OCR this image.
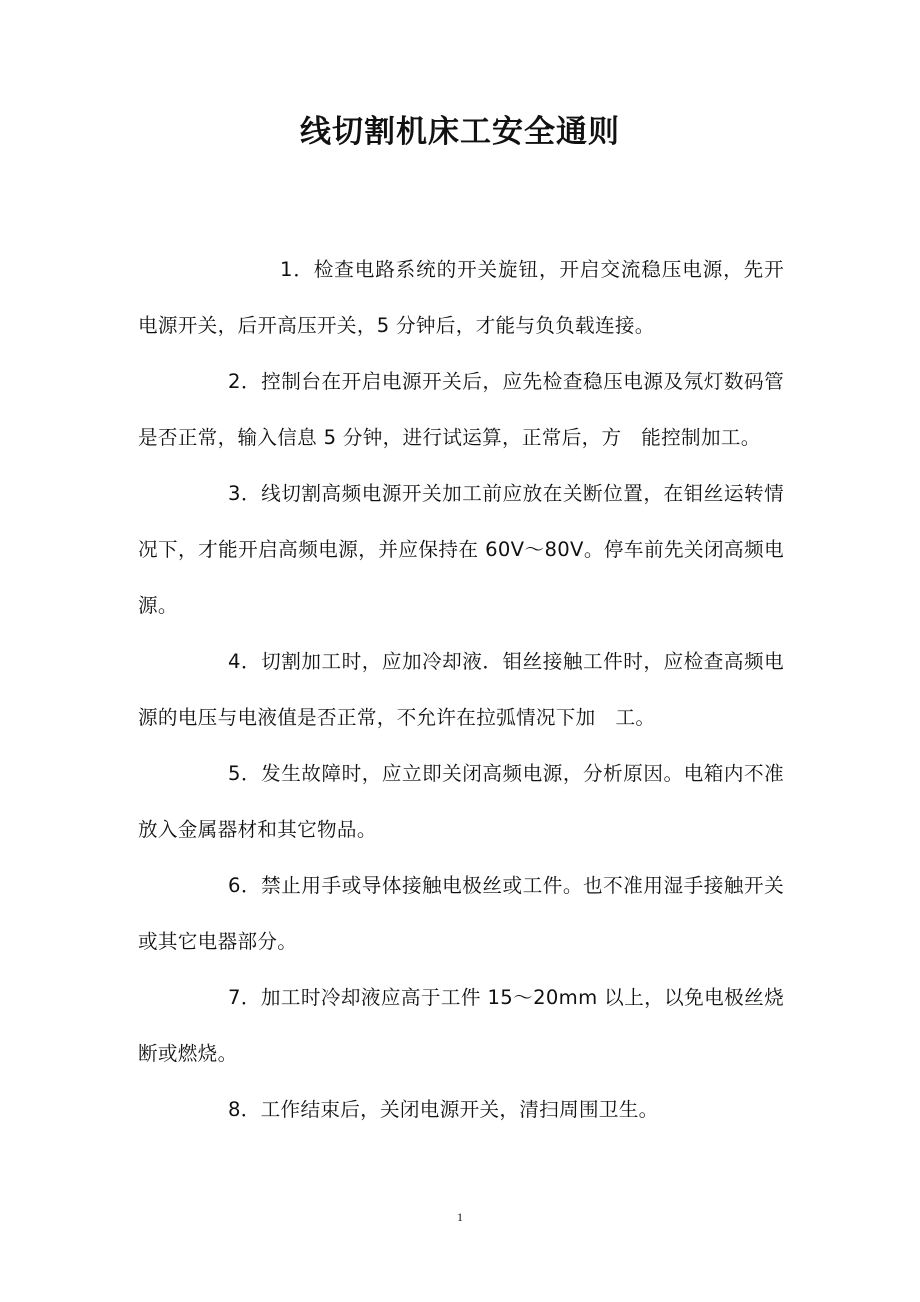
线切割机床工安全通则

1．检查电路系统的开关旋钮，开启交流稳压电源，先开电源开关，后开高压开关，5 分钟后，才能与负负载连接。

2．控制台在开启电源开关后，应先检查稳压电源及氖灯数码管是否正常，输入信息 5 分钟，进行试运算，正常后，方　能控制加工。

3．线切割高频电源开关加工前应放在关断位置，在钼丝运转情况下，才能开启高频电源，并应保持在 60V～80V。停车前先关闭高频电源。

4．切割加工时，应加冷却液．钼丝接触工件时，应检查高频电源的电压与电液值是否正常，不允许在拉弧情况下加　工。

5．发生故障时，应立即关闭高频电源，分析原因。电箱内不准放入金属器材和其它物品。

6．禁止用手或导体接触电极丝或工件。也不准用湿手接触开关或其它电器部分。

7．加工时冷却液应高于工件 15～20mm 以上，以免电极丝烧断或燃烧。

8．工作结束后，关闭电源开关，清扫周围卫生。

1
